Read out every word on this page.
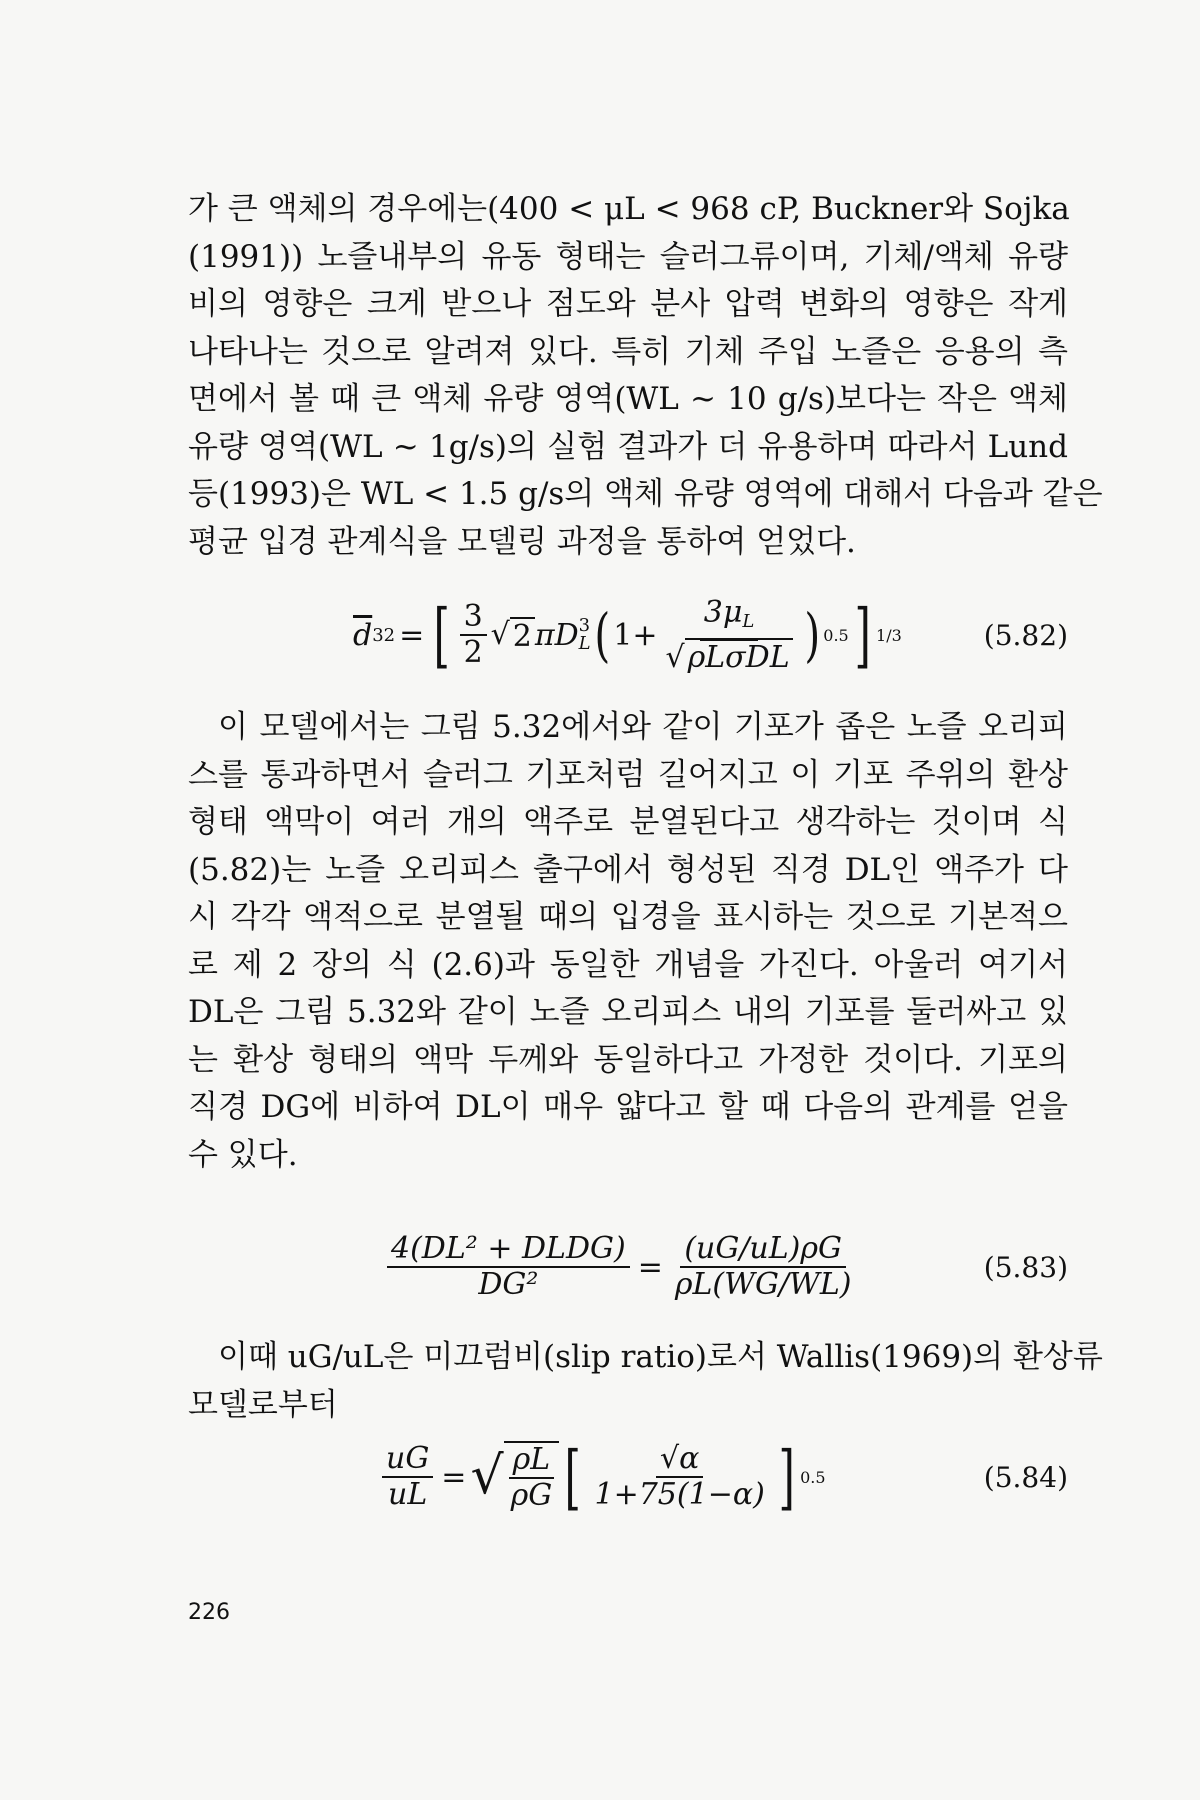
가 큰 액체의 경우에는(400 < μL < 968 cP, Buckner와 Sojka
(1991)) 노즐내부의 유동 형태는 슬러그류이며, 기체/액체 유량
비의 영향은 크게 받으나 점도와 분사 압력 변화의 영향은 작게
나타나는 것으로 알려져 있다. 특히 기체 주입 노즐은 응용의 측
면에서 볼 때 큰 액체 유량 영역(WL ~ 10 g/s)보다는 작은 액체
유량 영역(WL ~ 1g/s)의 실험 결과가 더 유용하며 따라서 Lund
등(1993)은 WL < 1.5 g/s의 액체 유량 영역에 대해서 다음과 같은
평균 입경 관계식을 모델링 과정을 통하여 얻었다.
$\overline{d}$ 32 = [ $\frac{3}{2}$ √ 2 π D 3
L ( $1+ \frac{3\mu_L}{\text{√ ρLσDL}}$ ) 0.5 ] 1/3	(5.82)
이 모델에서는 그림 5.32에서와 같이 기포가 좁은 노즐 오리피
스를 통과하면서 슬러그 기포처럼 길어지고 이 기포 주위의 환상
형태 액막이 여러 개의 액주로 분열된다고 생각하는 것이며 식
(5.82)는 노즐 오리피스 출구에서 형성된 직경 DL인 액주가 다
시 각각 액적으로 분열될 때의 입경을 표시하는 것으로 기본적으
로 제 2 장의 식 (2.6)과 동일한 개념을 가진다. 아울러 여기서
DL은 그림 5.32와 같이 노즐 오리피스 내의 기포를 둘러싸고 있
는 환상 형태의 액막 두께와 동일하다고 가정한 것이다. 기포의
직경 DG에 비하여 DL이 매우 얇다고 할 때 다음의 관계를 얻을
수 있다.
$\frac{\text{4(DL² + DLDG)}}{\text{DG²}} = \frac{(uG/uL)\rho G}{\rho L(WG/WL)}$	(5.83)
이때 uG/uL은 미끄럼비(slip ratio)로서 Wallis(1969)의 환상류
모델로부터
$\frac{uG}{uL}$ = √ $\frac{\rho L}{\rho G}$ [ $\frac{√\alpha}{1+75(1-\alpha)}$ ] 0.5	(5.84)
226
